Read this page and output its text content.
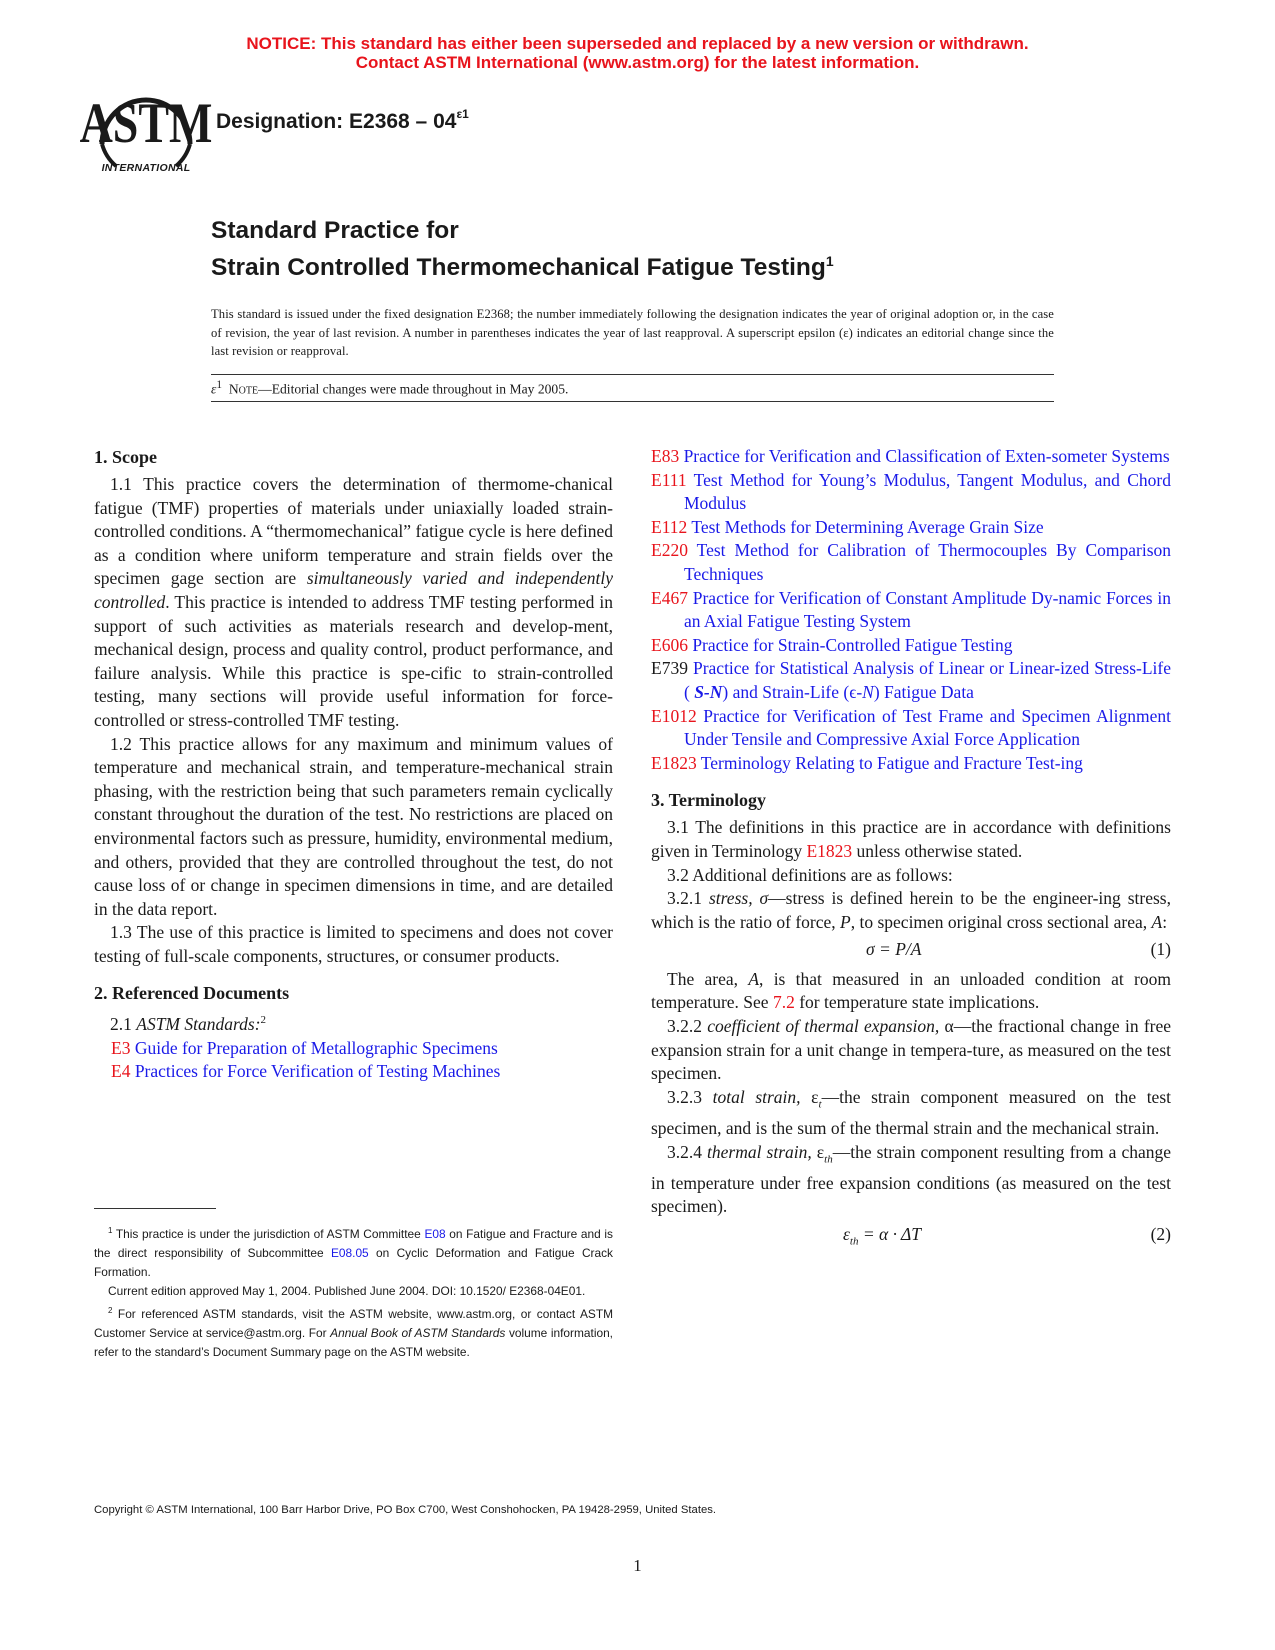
NOTICE: This standard has either been superseded and replaced by a new version or withdrawn.
Contact ASTM International (www.astm.org) for the latest information.
ASTM
INTERNATIONAL
Designation: $E2368 - 04^{\varepsilon 1}$
Standard Practice for
Strain Controlled Thermomechanical Fatigue Testing$^1$
This standard is issued under the fixed designation E2368; the number immediately following the designation indicates the year of original adoption or, in the case of revision, the year of last revision. A number in parentheses indicates the year of last reapproval. A superscript epsilon (ε) indicates an editorial change since the last revision or reapproval.
$\varepsilon^1$ Note—Editorial changes were made throughout in May 2005.
1. Scope

1.1 This practice covers the determination of thermome-chanical fatigue (TMF) properties of materials under uniaxially loaded strain-controlled conditions. A “thermomechanical” fatigue cycle is here defined as a condition where uniform temperature and strain fields over the specimen gage section are simultaneously varied and independently controlled. This practice is intended to address TMF testing performed in support of such activities as materials research and develop-ment, mechanical design, process and quality control, product performance, and failure analysis. While this practice is spe-cific to strain-controlled testing, many sections will provide useful information for force-controlled or stress-controlled TMF testing.

1.2 This practice allows for any maximum and minimum values of temperature and mechanical strain, and temperature-mechanical strain phasing, with the restriction being that such parameters remain cyclically constant throughout the duration of the test. No restrictions are placed on environmental factors such as pressure, humidity, environmental medium, and others, provided that they are controlled throughout the test, do not cause loss of or change in specimen dimensions in time, and are detailed in the data report.

1.3 The use of this practice is limited to specimens and does not cover testing of full-scale components, structures, or consumer products.

2. Referenced Documents

2.1 ASTM Standards:$^2$

E3 Guide for Preparation of Metallographic Specimens
E4 Practices for Force Verification of Testing Machines

$^1$ This practice is under the jurisdiction of ASTM Committee E08 on Fatigue and Fracture and is the direct responsibility of Subcommittee E08.05 on Cyclic Deformation and Fatigue Crack Formation.

Current edition approved May 1, 2004. Published June 2004. DOI: 10.1520/ E2368-04E01.

$^2$ For referenced ASTM standards, visit the ASTM website, www.astm.org, or contact ASTM Customer Service at service@astm.org. For Annual Book of ASTM Standards volume information, refer to the standard’s Document Summary page on the ASTM website.

E83 Practice for Verification and Classification of Exten-someter Systems
E111 Test Method for Young’s Modulus, Tangent Modulus, and Chord Modulus
E112 Test Methods for Determining Average Grain Size
E220 Test Method for Calibration of Thermocouples By Comparison Techniques
E467 Practice for Verification of Constant Amplitude Dy-namic Forces in an Axial Fatigue Testing System
E606 Practice for Strain-Controlled Fatigue Testing
E739 Practice for Statistical Analysis of Linear or Linear-ized Stress-Life ( S-N) and Strain-Life (ϵ-N) Fatigue Data
E1012 Practice for Verification of Test Frame and Specimen Alignment Under Tensile and Compressive Axial Force Application
E1823 Terminology Relating to Fatigue and Fracture Test-ing
3. Terminology

3.1 The definitions in this practice are in accordance with definitions given in Terminology E1823 unless otherwise stated.

3.2 Additional definitions are as follows:

3.2.1 stress, σ—stress is defined herein to be the engineer-ing stress, which is the ratio of force, P, to specimen original cross sectional area, A:

σ = P/A	(1)

The area, A, is that measured in an unloaded condition at room temperature. See 7.2 for temperature state implications.

3.2.2 coefficient of thermal expansion, α—the fractional change in free expansion strain for a unit change in tempera-ture, as measured on the test specimen.

3.2.3 total strain, $\varepsilon_t—the$ strain component measured on the test specimen, and is the sum of the thermal strain and the mechanical strain.

3.2.4 thermal strain, $\varepsilon_{th}—the$ strain component resulting from a change in temperature under free expansion conditions (as measured on the test specimen).

$\varepsilon_{th} = \alpha \cdot \Delta T$	(2)
Copyright © ASTM International, 100 Barr Harbor Drive, PO Box C700, West Conshohocken, PA 19428-2959, United States.
1
